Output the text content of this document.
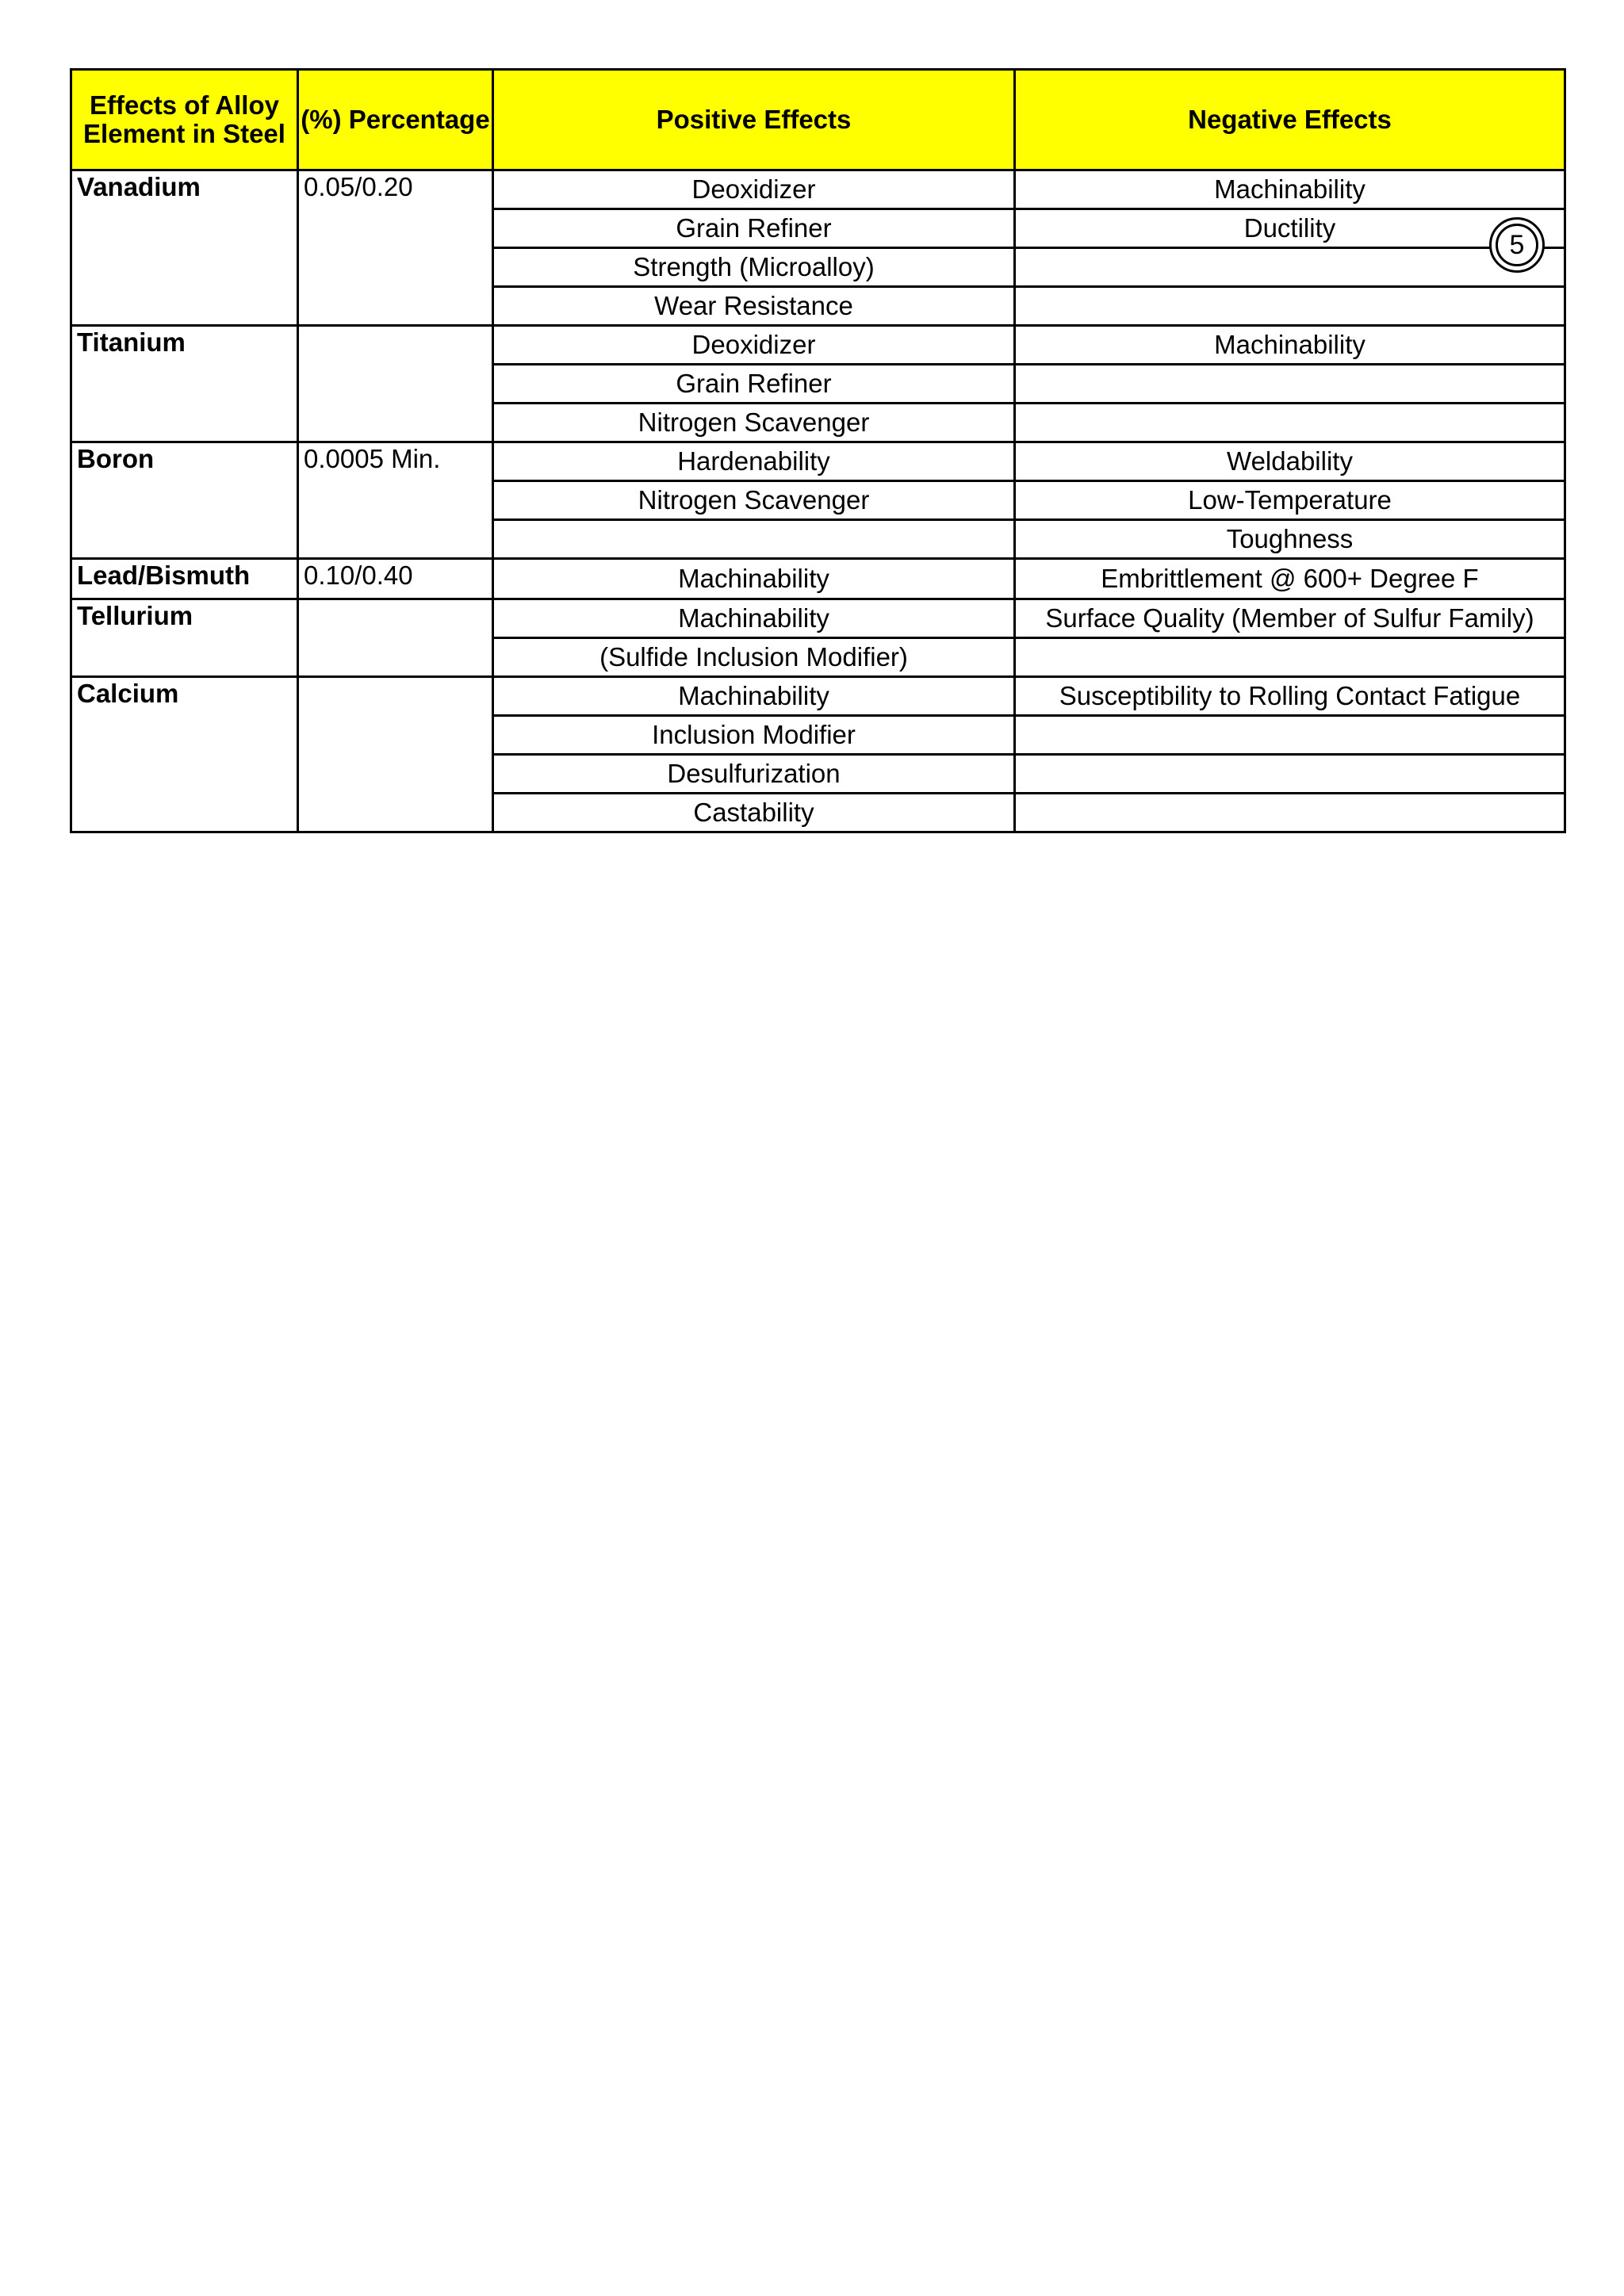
Effects of Alloy Element in Steel	(%) Percentage	Positive Effects	Negative Effects
Vanadium	0.05/0.20	Deoxidizer	Machinability
		Grain Refiner	Ductility
		Strength (Microalloy)	
		Wear Resistance	
Titanium		Deoxidizer	Machinability
		Grain Refiner	
		Nitrogen Scavenger	
Boron	0.0005 Min.	Hardenability	Weldability
		Nitrogen Scavenger	Low-Temperature
			Toughness
Lead/Bismuth	0.10/0.40	Machinability	Embrittlement @ 600+ Degree F
Tellurium		Machinability	Surface Quality (Member of Sulfur Family)
		(Sulfide Inclusion Modifier)	
Calcium		Machinability	Susceptibility to Rolling Contact Fatigue
		Inclusion Modifier	
		Desulfurization	
		Castability	
5
